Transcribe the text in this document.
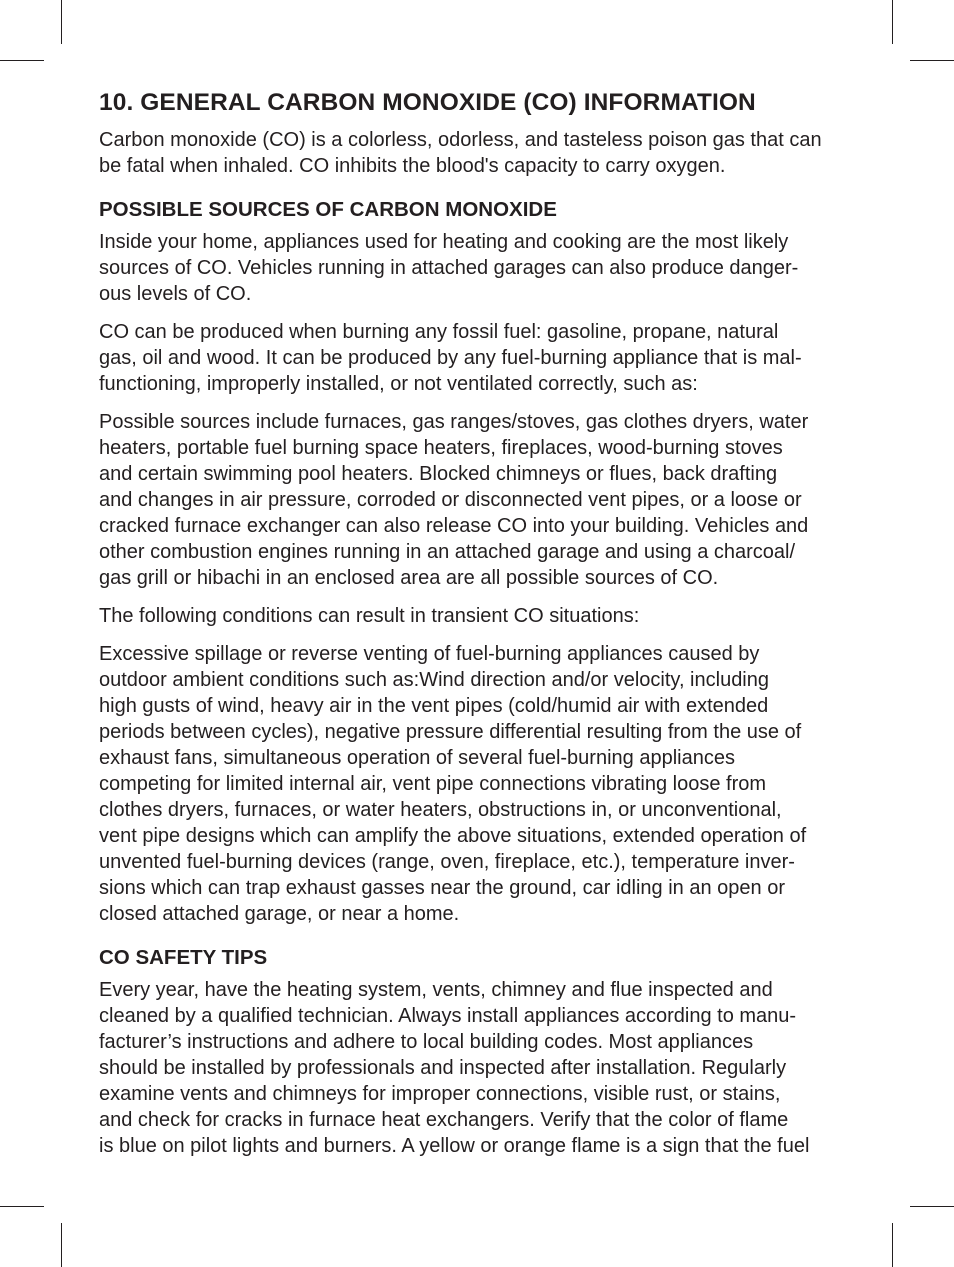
10. GENERAL CARBON MONOXIDE (CO) INFORMATION

Carbon monoxide (CO) is a colorless, odorless, and tasteless poison gas that can
be fatal when inhaled. CO inhibits the blood's capacity to carry oxygen.

POSSIBLE SOURCES OF CARBON MONOXIDE

Inside your home, appliances used for heating and cooking are the most likely
sources of CO. Vehicles running in attached garages can also produce danger-
ous levels of CO.

CO can be produced when burning any fossil fuel: gasoline, propane, natural
gas, oil and wood. It can be produced by any fuel-burning appliance that is mal-
functioning, improperly installed, or not ventilated correctly, such as:

Possible sources include furnaces, gas ranges/stoves, gas clothes dryers, water
heaters, portable fuel burning space heaters, fireplaces, wood-burning stoves
and certain swimming pool heaters. Blocked chimneys or flues, back drafting
and changes in air pressure, corroded or disconnected vent pipes, or a loose or
cracked furnace exchanger can also release CO into your building. Vehicles and
other combustion engines running in an attached garage and using a charcoal/
gas grill or hibachi in an enclosed area are all possible sources of CO.

The following conditions can result in transient CO situations:

Excessive spillage or reverse venting of fuel-burning appliances caused by
outdoor ambient conditions such as:Wind direction and/or velocity, including
high gusts of wind, heavy air in the vent pipes (cold/humid air with extended
periods between cycles), negative pressure differential resulting from the use of
exhaust fans, simultaneous operation of several fuel-burning appliances
competing for limited internal air, vent pipe connections vibrating loose from
clothes dryers, furnaces, or water heaters, obstructions in, or unconventional,
vent pipe designs which can amplify the above situations, extended operation of
unvented fuel-burning devices (range, oven, fireplace, etc.), temperature inver-
sions which can trap exhaust gasses near the ground, car idling in an open or
closed attached garage, or near a home.

CO SAFETY TIPS

Every year, have the heating system, vents, chimney and flue inspected and
cleaned by a qualified technician. Always install appliances according to manu-
facturer’s instructions and adhere to local building codes. Most appliances
should be installed by professionals and inspected after installation. Regularly
examine vents and chimneys for improper connections, visible rust, or stains,
and check for cracks in furnace heat exchangers. Verify that the color of flame
is blue on pilot lights and burners. A yellow or orange flame is a sign that the fuel
